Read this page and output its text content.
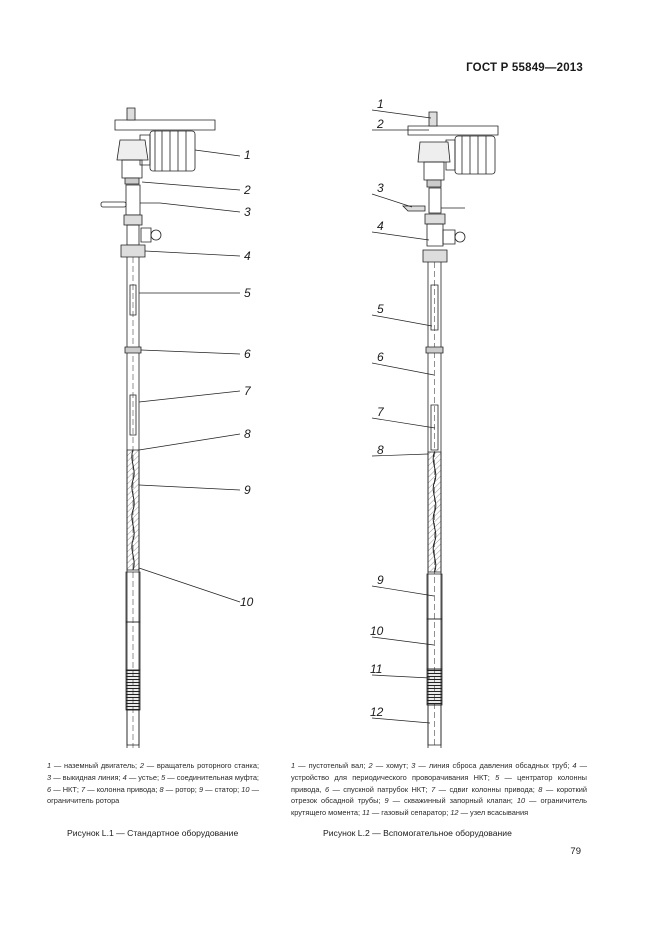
ГОСТ Р 55849—2013
1
2
3
4
5
6
7
8
9
10
1
2
3
4
5
6
7
8
9
10
11
12
1 — наземный двигатель; 2 — вращатель роторного станка; 3 — выкидная линия; 4 — устье; 5 — соединительная муфта; 6 — НКТ; 7 — колонна привода; 8 — ротор; 9 — статор; 10 — ограничитель ротора
1 — пустотелый вал; 2 — хомут; 3 — линия сброса давления обсадных труб; 4 — устройство для периодического проворачивания НКТ; 5 — центратор колонны привода, 6 — спускной патрубок НКТ; 7 — сдвиг колонны привода; 8 — короткий отрезок обсадной трубы; 9 — скважинный запорный клапан; 10 — ограничитель крутящего момента; 11 — газовый сепаратор; 12 — узел всасывания
Рисунок L.1 — Стандартное оборудование	Рисунок L.2 — Вспомогательное оборудование
79
